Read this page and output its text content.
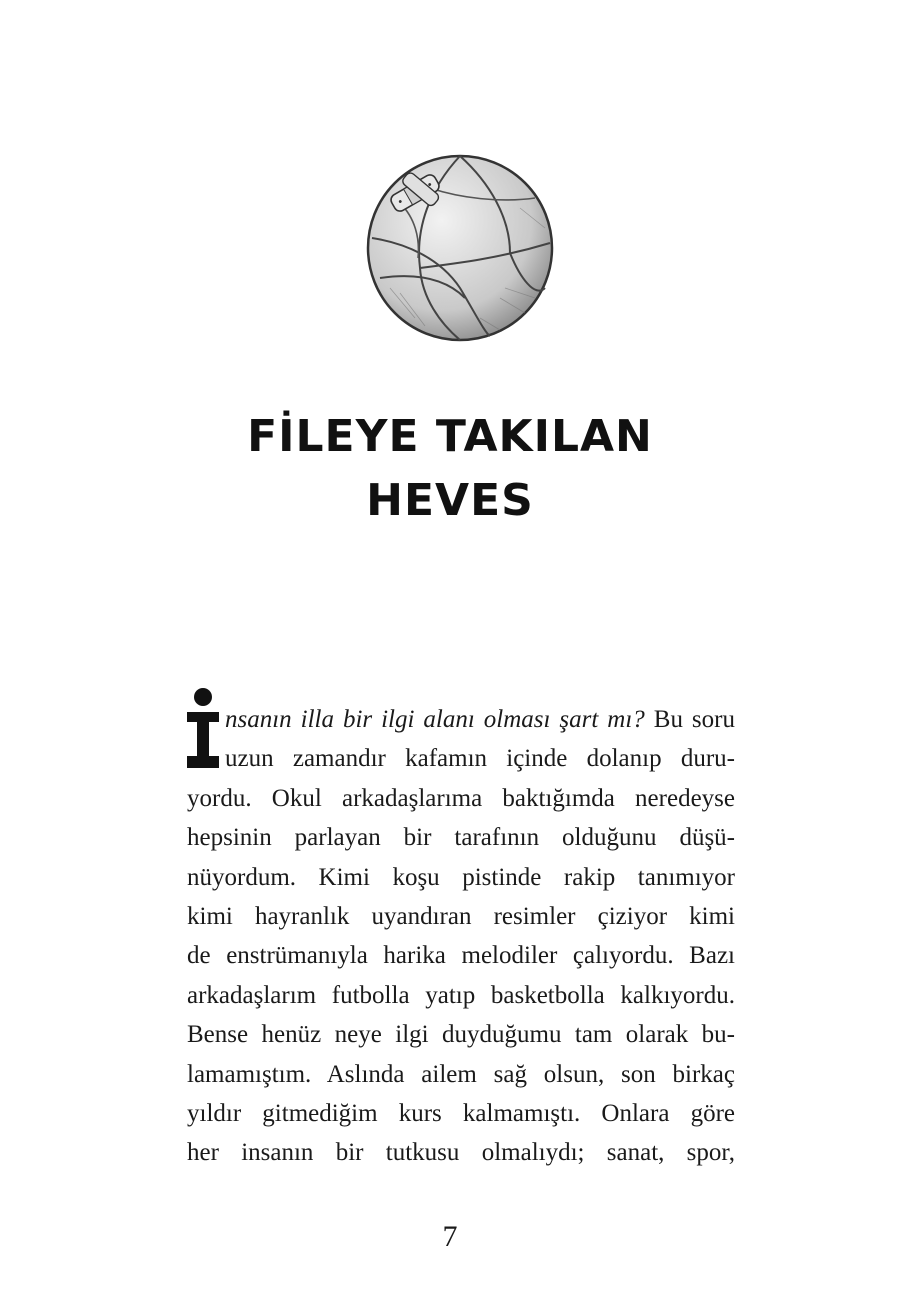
FİLEYE TAKILAN
HEVES
nsanın illa bir ilgi alanı olması şart mı? Bu soru
uzun zamandır kafamın içinde dolanıp duru-
yordu. Okul arkadaşlarıma baktığımda neredeyse
hepsinin parlayan bir tarafının olduğunu düşü-
nüyordum. Kimi koşu pistinde rakip tanımıyor
kimi hayranlık uyandıran resimler çiziyor kimi
de enstrümanıyla harika melodiler çalıyordu. Bazı
arkadaşlarım futbolla yatıp basketbolla kalkıyordu.
Bense henüz neye ilgi duyduğumu tam olarak bu-
lamamıştım. Aslında ailem sağ olsun, son birkaç
yıldır gitmediğim kurs kalmamıştı. Onlara göre
her insanın bir tutkusu olmalıydı; sanat, spor,
7
